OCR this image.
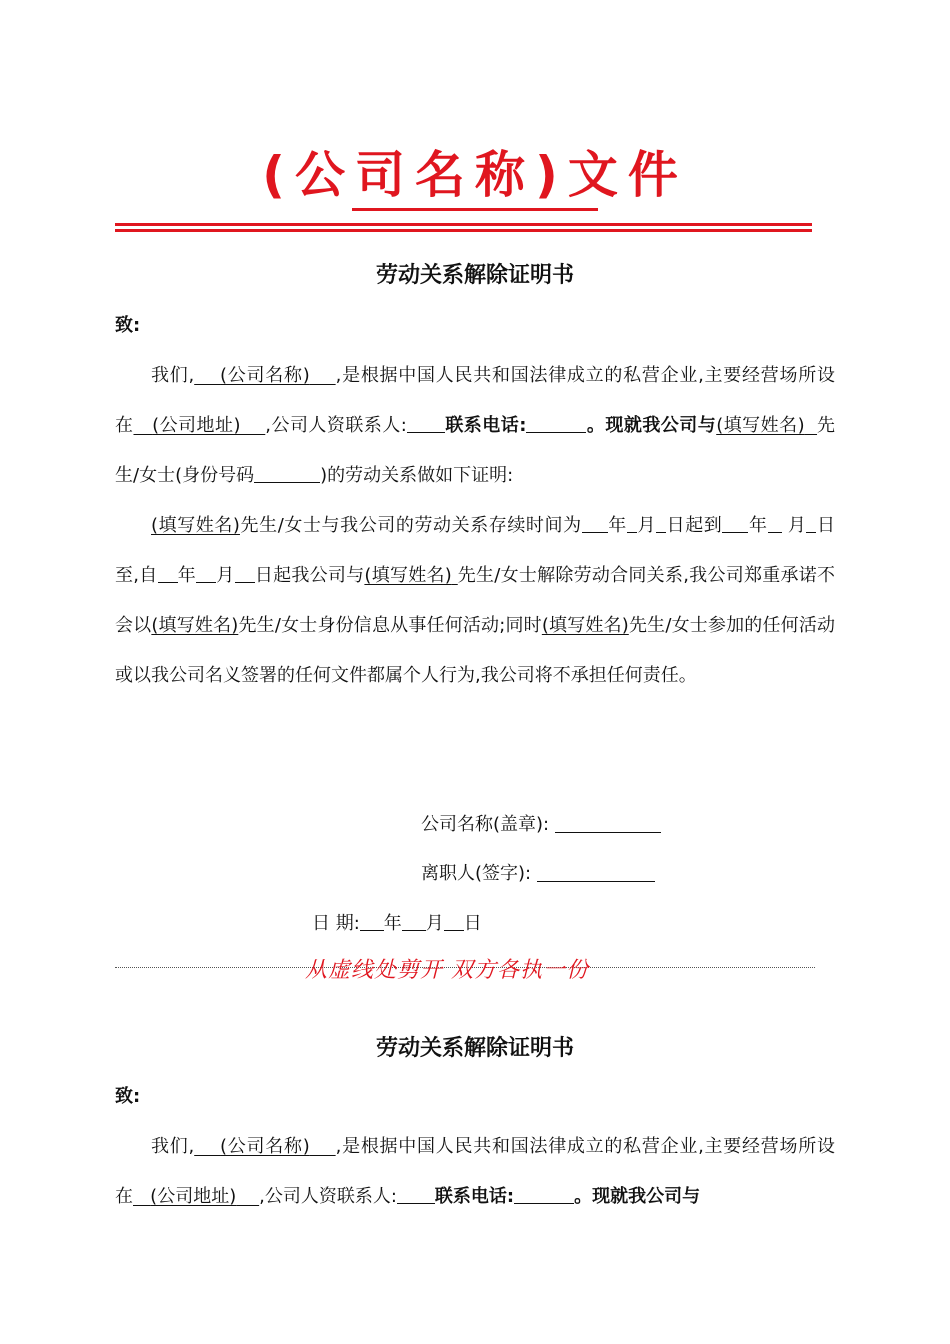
(公司名称)文件
劳动关系解除证明书
致:

我们, (公司名称) ,是根据中国人民共和国法律成立的私营企业,主要经营场所设在 (公司地址) ,公司人资联系人: 联系电话:	。现就我公司与(填写姓名) 先生/女士(身份号码	)的劳动关系做如下证明:

(填写姓名)先生/女士与我公司的劳动关系存续时间为 年 月 日起到 年 月 日至,自 年 月 日起我公司与(填写姓名) 先生/女士解除劳动合同关系,我公司郑重承诺不会以(填写姓名)先生/女士身份信息从事任何活动;同时(填写姓名)先生/女士参加的任何活动或以我公司名义签署的任何文件都属个人行为,我公司将不承担任何责任。

公司名称(盖章):
离职人(签字):
日 期: 年 月 日
从虚线处剪开 双方各执一份
劳动关系解除证明书
致:

我们, (公司名称) ,是根据中国人民共和国法律成立的私营企业,主要经营场所设在 (公司地址) ,公司人资联系人: 联系电话:	。现就我公司与
